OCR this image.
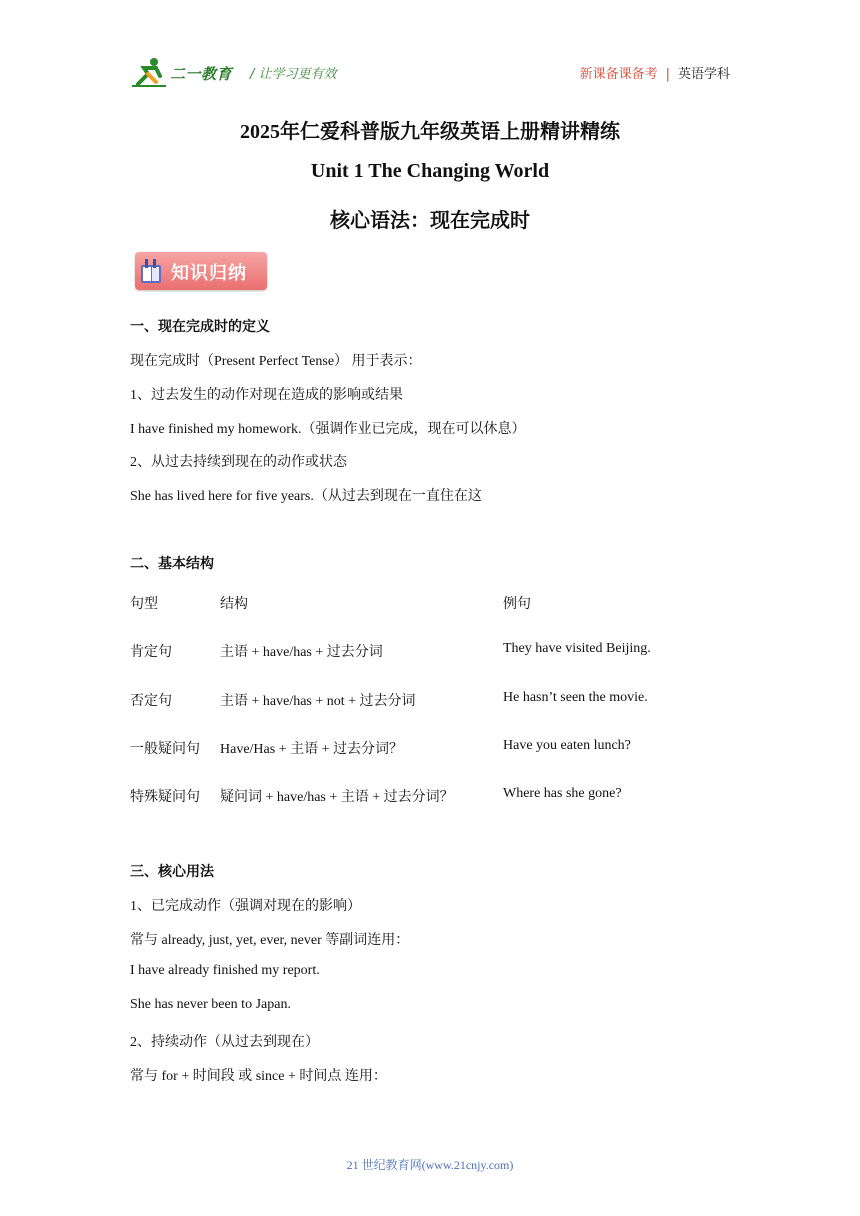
二一教育 / 让学习更有效	新课备课备考 | 英语学科
2025年仁爱科普版九年级英语上册精讲精练
Unit 1 The Changing World
核心语法：现在完成时
知识归纳
一、现在完成时的定义
现在完成时（Present Perfect Tense） 用于表示：
1、过去发生的动作对现在造成的影响或结果
I have finished my homework.（强调作业已完成，现在可以休息）
2、从过去持续到现在的动作或状态
She has lived here for five years.（从过去到现在一直住在这
二、基本结构
句型	结构	例句
肯定句	主语 + have/has + 过去分词	They have visited Beijing.
否定句	主语 + have/has + not + 过去分词	He hasn’t seen the movie.
一般疑问句 Have/Has + 主语 + 过去分词？	Have you eaten lunch?
特殊疑问句 疑问词 + have/has + 主语 + 过去分词？	Where has she gone?
三、核心用法
1、已完成动作（强调对现在的影响）
常与 already, just, yet, ever, never 等副词连用：
I have already finished my report.
She has never been to Japan.
2、持续动作（从过去到现在）
常与 for + 时间段 或 since + 时间点 连用：
21 世纪教育网(www.21cnjy.com)
